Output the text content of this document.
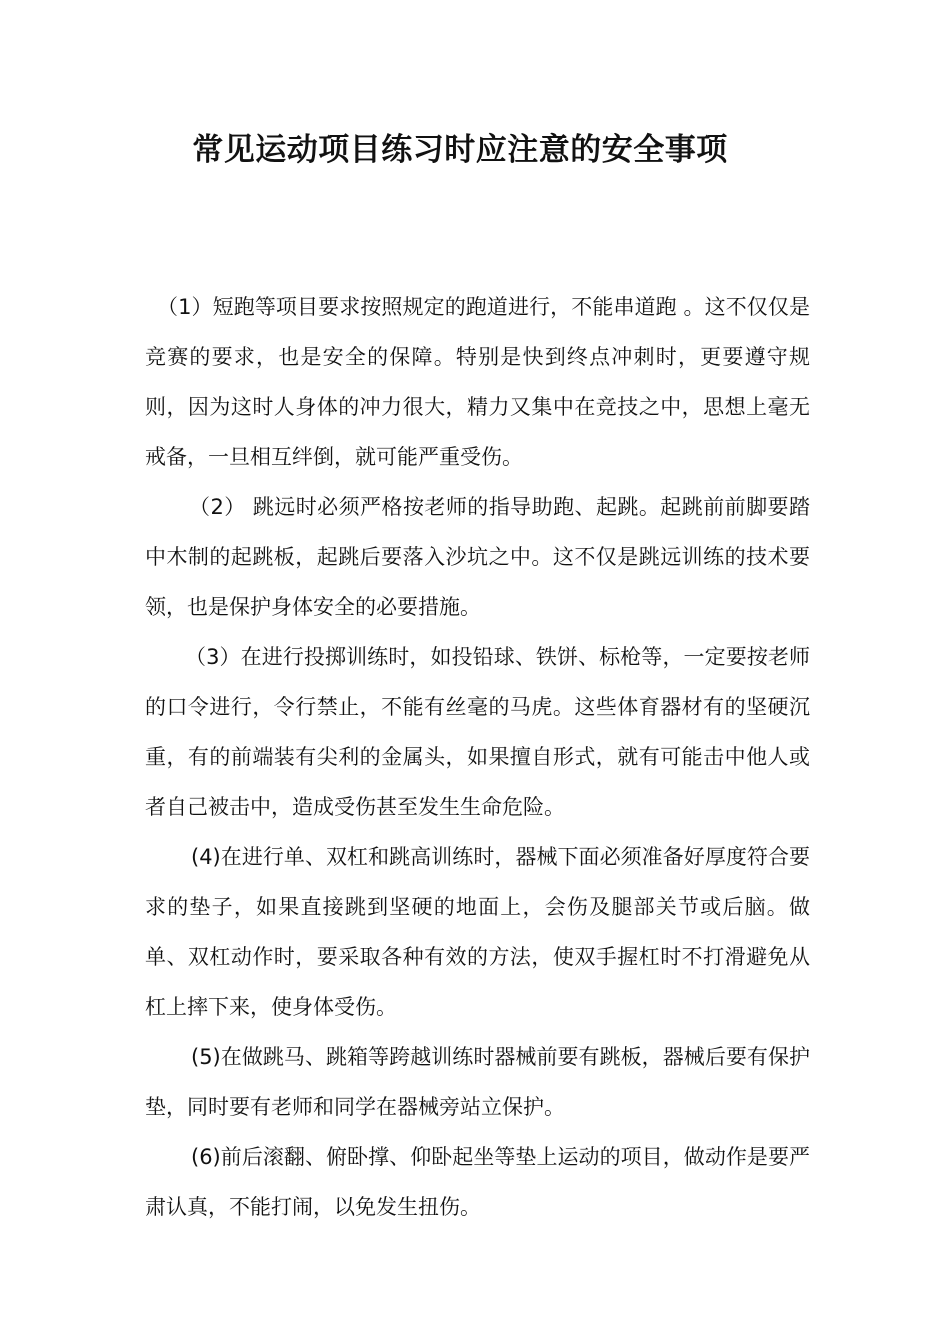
常见运动项目练习时应注意的安全事项

（1）短跑等项目要求按照规定的跑道进行，不能串道跑 。这不仅仅是竞赛的要求，也是安全的保障。特别是快到终点冲刺时，更要遵守规则，因为这时人身体的冲力很大，精力又集中在竞技之中，思想上毫无戒备，一旦相互绊倒，就可能严重受伤。

（2） 跳远时必须严格按老师的指导助跑、起跳。起跳前前脚要踏中木制的起跳板，起跳后要落入沙坑之中。这不仅是跳远训练的技术要领，也是保护身体安全的必要措施。

（3）在进行投掷训练时，如投铅球、铁饼、标枪等，一定要按老师的口令进行，令行禁止，不能有丝毫的马虎。这些体育器材有的坚硬沉重，有的前端装有尖利的金属头，如果擅自形式，就有可能击中他人或者自己被击中，造成受伤甚至发生生命危险。

(4)在进行单、双杠和跳高训练时，器械下面必须准备好厚度符合要求的垫子，如果直接跳到坚硬的地面上，会伤及腿部关节或后脑。做单、双杠动作时，要采取各种有效的方法，使双手握杠时不打滑避免从杠上摔下来，使身体受伤。

(5)在做跳马、跳箱等跨越训练时器械前要有跳板，器械后要有保护垫，同时要有老师和同学在器械旁站立保护。

(6)前后滚翻、俯卧撑、仰卧起坐等垫上运动的项目，做动作是要严肃认真，不能打闹，以免发生扭伤。
